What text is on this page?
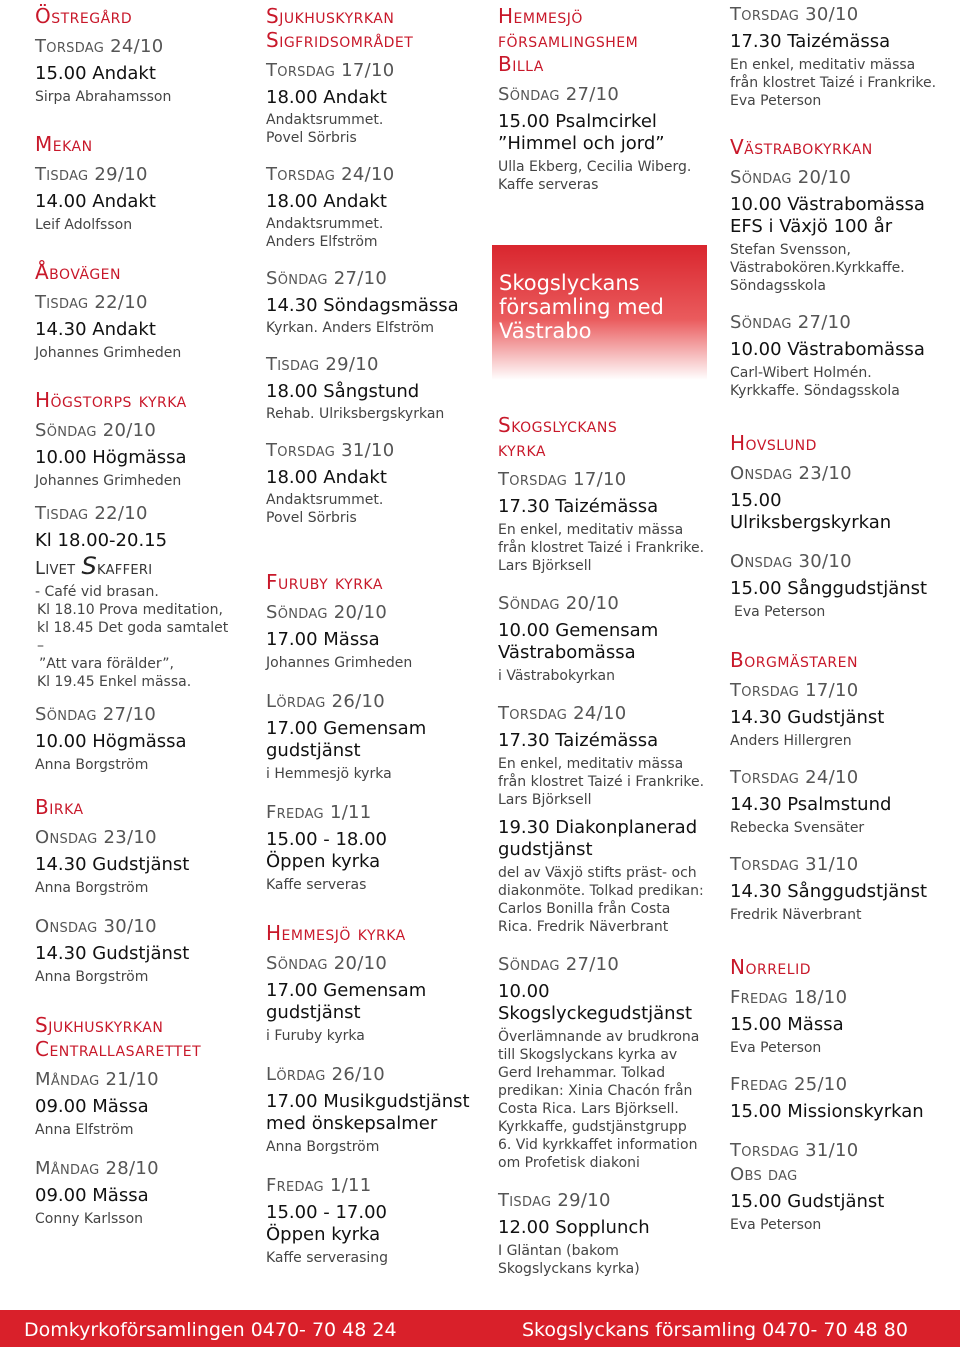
Östregård
Torsdag 24/10
15.00 Andakt
Sirpa Abrahamsson
Mekan
Tisdag 29/10
14.00 Andakt
Leif Adolfsson
Åbovägen
Tisdag 22/10
14.30 Andakt
Johannes Grimheden
Högstorps kyrka
Söndag 20/10
10.00 Högmässa
Johannes Grimheden
Tisdag 22/10
Kl 18.00-20.15
Livet Skafferi
- Café vid brasan.
Kl 18.10 Prova meditation,
kl 18.45 Det goda samtalet –
”Att vara förälder”,
Kl 19.45 Enkel mässa.
Söndag 27/10
10.00 Högmässa
Anna Borgström
Birka
Onsdag 23/10
14.30 Gudstjänst
Anna Borgström
Onsdag 30/10
14.30 Gudstjänst
Anna Borgström
Sjukhuskyrkan
Centrallasarettet
Måndag 21/10
09.00 Mässa
Anna Elfström
Måndag 28/10
09.00 Mässa
Conny Karlsson
Sjukhuskyrkan
Sigfridsområdet
Torsdag 17/10
18.00 Andakt
Andaktsrummet.
Povel Sörbris
Torsdag 24/10
18.00 Andakt
Andaktsrummet.
Anders Elfström
Söndag 27/10
14.30 Söndagsmässa
Kyrkan. Anders Elfström
Tisdag 29/10
18.00 Sångstund
Rehab. Ulriksbergskyrkan
Torsdag 31/10
18.00 Andakt
Andaktsrummet.
Povel Sörbris
Furuby kyrka
Söndag 20/10
17.00 Mässa
Johannes Grimheden
Lördag 26/10
17.00 Gemensam
gudstjänst
i Hemmesjö kyrka
Fredag 1/11
15.00 - 18.00
Öppen kyrka
Kaffe serveras
Hemmesjö kyrka
Söndag 20/10
17.00 Gemensam
gudstjänst
i Furuby kyrka
Lördag 26/10
17.00 Musikgudstjänst
med önskepsalmer
Anna Borgström
Fredag 1/11
15.00 - 17.00
Öppen kyrka
Kaffe serverasing
Hemmesjö
församlingshem
Billa
Söndag 27/10
15.00 Psalmcirkel
”Himmel och jord”
Ulla Ekberg, Cecilia Wiberg.
Kaffe serveras
Skogslyckans
församling med
Västrabo
Skogslyckans
kyrka
Torsdag 17/10
17.30 Taizémässa
En enkel, meditativ mässa
från klostret Taizé i Frankrike.
Lars Björksell
Söndag 20/10
10.00 Gemensam
Västrabomässa
i Västrabokyrkan
Torsdag 24/10
17.30 Taizémässa
En enkel, meditativ mässa
från klostret Taizé i Frankrike.
Lars Björksell
19.30 Diakonplanerad
gudstjänst
del av Växjö stifts präst- och
diakonmöte. Tolkad predikan:
Carlos Bonilla från Costa
Rica. Fredrik Näverbrant
Söndag 27/10
10.00
Skogslyckegudstjänst
Överlämnande av brudkrona
till Skogslyckans kyrka av
Gerd Irehammar. Tolkad
predikan: Xinia Chacón från
Costa Rica. Lars Björksell.
Kyrkkaffe, gudstjänstgrupp
6. Vid kyrkkaffet information
om Profetisk diakoni
Tisdag 29/10
12.00 Sopplunch
I Gläntan (bakom
Skogslyckans kyrka)
Torsdag 30/10
17.30 Taizémässa
En enkel, meditativ mässa
från klostret Taizé i Frankrike.
Eva Peterson
Västrabokyrkan
Söndag 20/10
10.00 Västrabomässa
EFS i Växjö 100 år
Stefan Svensson,
Västrabokören.Kyrkkaffe.
Söndagsskola
Söndag 27/10
10.00 Västrabomässa
Carl-Wibert Holmén.
Kyrkkaffe. Söndagsskola
Hovslund
Onsdag 23/10
15.00
Ulriksbergskyrkan
Onsdag 30/10
15.00 Sånggudstjänst
Eva Peterson
Borgmästaren
Torsdag 17/10
14.30 Gudstjänst
Anders Hillergren
Torsdag 24/10
14.30 Psalmstund
Rebecka Svensäter
Torsdag 31/10
14.30 Sånggudstjänst
Fredrik Näverbrant
Norrelid
Fredag 18/10
15.00 Mässa
Eva Peterson
Fredag 25/10
15.00 Missionskyrkan
Torsdag 31/10
Obs dag
15.00 Gudstjänst
Eva Peterson
Domkyrkoförsamlingen 0470- 70 48 24	Skogslyckans församling 0470- 70 48 80
